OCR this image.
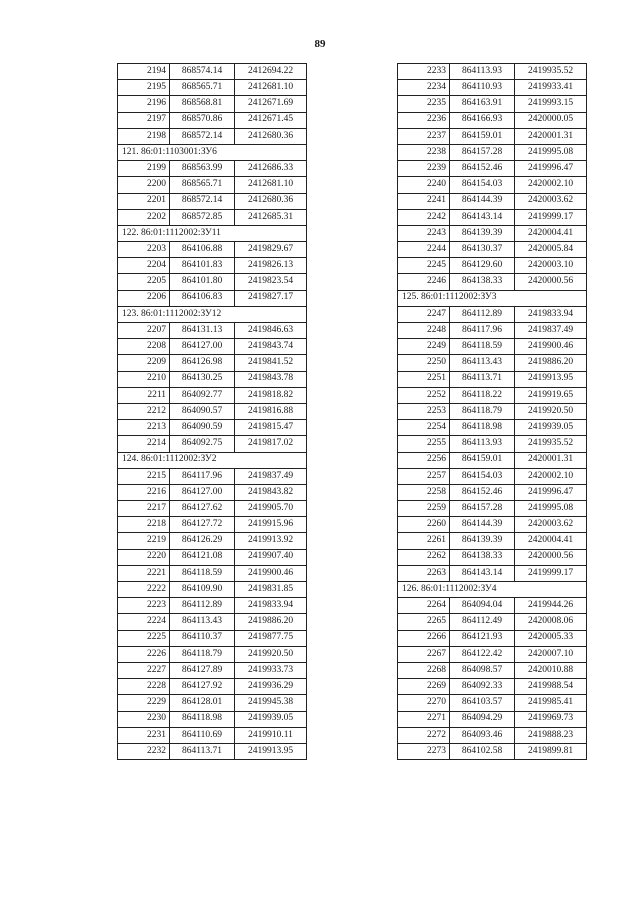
89
2194	868574.14	2412694.22
2195	868565.71	2412681.10
2196	868568.81	2412671.69
2197	868570.86	2412671.45
2198	868572.14	2412680.36
121. 86:01:1103001:ЗУ6		
2199	868563.99	2412686.33
2200	868565.71	2412681.10
2201	868572.14	2412680.36
2202	868572.85	2412685.31
122. 86:01:1112002:ЗУ11		
2203	864106.88	2419829.67
2204	864101.83	2419826.13
2205	864101.80	2419823.54
2206	864106.83	2419827.17
123. 86:01:1112002:ЗУ12		
2207	864131.13	2419846.63
2208	864127.00	2419843.74
2209	864126.98	2419841.52
2210	864130.25	2419843.78
2211	864092.77	2419818.82
2212	864090.57	2419816.88
2213	864090.59	2419815.47
2214	864092.75	2419817.02
124. 86:01:1112002:ЗУ2		
2215	864117.96	2419837.49
2216	864127.00	2419843.82
2217	864127.62	2419905.70
2218	864127.72	2419915.96
2219	864126.29	2419913.92
2220	864121.08	2419907.40
2221	864118.59	2419900.46
2222	864109.90	2419831.85
2223	864112.89	2419833.94
2224	864113.43	2419886.20
2225	864110.37	2419877.75
2226	864118.79	2419920.50
2227	864127.89	2419933.73
2228	864127.92	2419936.29
2229	864128.01	2419945.38
2230	864118.98	2419939.05
2231	864110.69	2419910.11
2232	864113.71	2419913.95
2233	864113.93	2419935.52
2234	864110.93	2419933.41
2235	864163.91	2419993.15
2236	864166.93	2420000.05
2237	864159.01	2420001.31
2238	864157.28	2419995.08
2239	864152.46	2419996.47
2240	864154.03	2420002.10
2241	864144.39	2420003.62
2242	864143.14	2419999.17
2243	864139.39	2420004.41
2244	864130.37	2420005.84
2245	864129.60	2420003.10
2246	864138.33	2420000.56
125. 86:01:1112002:ЗУ3		
2247	864112.89	2419833.94
2248	864117.96	2419837.49
2249	864118.59	2419900.46
2250	864113.43	2419886.20
2251	864113.71	2419913.95
2252	864118.22	2419919.65
2253	864118.79	2419920.50
2254	864118.98	2419939.05
2255	864113.93	2419935.52
2256	864159.01	2420001.31
2257	864154.03	2420002.10
2258	864152.46	2419996.47
2259	864157.28	2419995.08
2260	864144.39	2420003.62
2261	864139.39	2420004.41
2262	864138.33	2420000.56
2263	864143.14	2419999.17
126. 86:01:1112002:ЗУ4		
2264	864094.04	2419944.26
2265	864112.49	2420008.06
2266	864121.93	2420005.33
2267	864122.42	2420007.10
2268	864098.57	2420010.88
2269	864092.33	2419988.54
2270	864103.57	2419985.41
2271	864094.29	2419969.73
2272	864093.46	2419888.23
2273	864102.58	2419899.81
